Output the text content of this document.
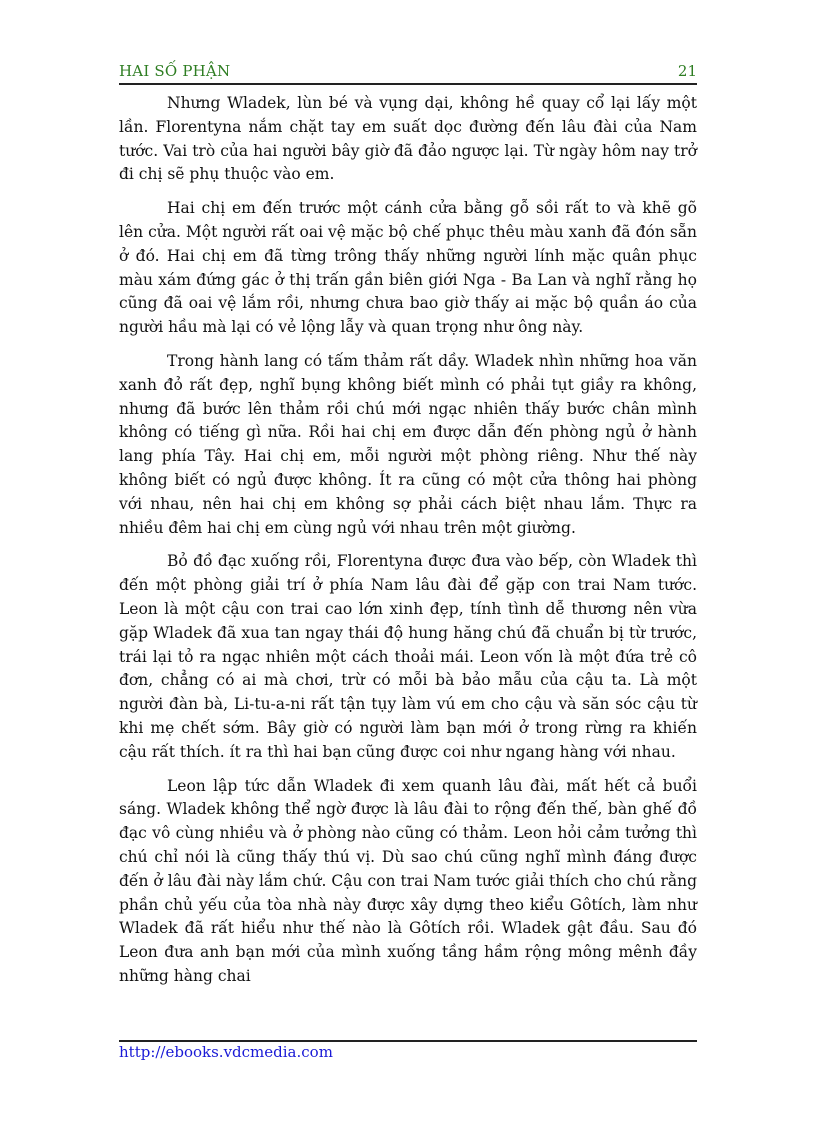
HAI SỐ PHẬN	21

Nhưng Wladek, lùn bé và vụng dại, không hề quay cổ lại lấy một lần. Florentyna nắm chặt tay em suất dọc đường đến lâu đài của Nam tước. Vai trò của hai người bây giờ đã đảo ngược lại. Từ ngày hôm nay trở đi chị sẽ phụ thuộc vào em.

Hai chị em đến trước một cánh cửa bằng gỗ sồi rất to và khẽ gõ lên cửa. Một người rất oai vệ mặc bộ chế phục thêu màu xanh đã đón sẵn ở đó. Hai chị em đã từng trông thấy những người lính mặc quân phục màu xám đứng gác ở thị trấn gần biên giới Nga - Ba Lan và nghĩ rằng họ cũng đã oai vệ lắm rồi, nhưng chưa bao giờ thấy ai mặc bộ quần áo của người hầu mà lại có vẻ lộng lẫy và quan trọng như ông này.

Trong hành lang có tấm thảm rất dầy. Wladek nhìn những hoa văn xanh đỏ rất đẹp, nghĩ bụng không biết mình có phải tụt giầy ra không, nhưng đã bước lên thảm rồi chú mới ngạc nhiên thấy bước chân mình không có tiếng gì nữa. Rồi hai chị em được dẫn đến phòng ngủ ở hành lang phía Tây. Hai chị em, mỗi người một phòng riêng. Như thế này không biết có ngủ được không. Ít ra cũng có một cửa thông hai phòng với nhau, nên hai chị em không sợ phải cách biệt nhau lắm. Thực ra nhiều đêm hai chị em cùng ngủ với nhau trên một giường.

Bỏ đồ đạc xuống rồi, Florentyna được đưa vào bếp, còn Wladek thì đến một phòng giải trí ở phía Nam lâu đài để gặp con trai Nam tước. Leon là một cậu con trai cao lớn xinh đẹp, tính tình dễ thương nên vừa gặp Wladek đã xua tan ngay thái độ hung hăng chú đã chuẩn bị từ trước, trái lại tỏ ra ngạc nhiên một cách thoải mái. Leon vốn là một đứa trẻ cô đơn, chẳng có ai mà chơi, trừ có mỗi bà bảo mẫu của cậu ta. Là một người đàn bà, Li-tu-a-ni rất tận tụy làm vú em cho cậu và săn sóc cậu từ khi mẹ chết sớm. Bây giờ có người làm bạn mới ở trong rừng ra khiến cậu rất thích. ít ra thì hai bạn cũng được coi như ngang hàng với nhau.

Leon lập tức dẫn Wladek đi xem quanh lâu đài, mất hết cả buổi sáng. Wladek không thể ngờ được là lâu đài to rộng đến thế, bàn ghế đồ đạc vô cùng nhiều và ở phòng nào cũng có thảm. Leon hỏi cảm tưởng thì chú chỉ nói là cũng thấy thú vị. Dù sao chú cũng nghĩ mình đáng được đến ở lâu đài này lắm chứ. Cậu con trai Nam tước giải thích cho chú rằng phần chủ yếu của tòa nhà này được xây dựng theo kiểu Gôtích, làm như Wladek đã rất hiểu như thế nào là Gôtích rồi. Wladek gật đầu. Sau đó Leon đưa anh bạn mới của mình xuống tầng hầm rộng mông mênh đầy những hàng chai

http://ebooks.vdcmedia.com
